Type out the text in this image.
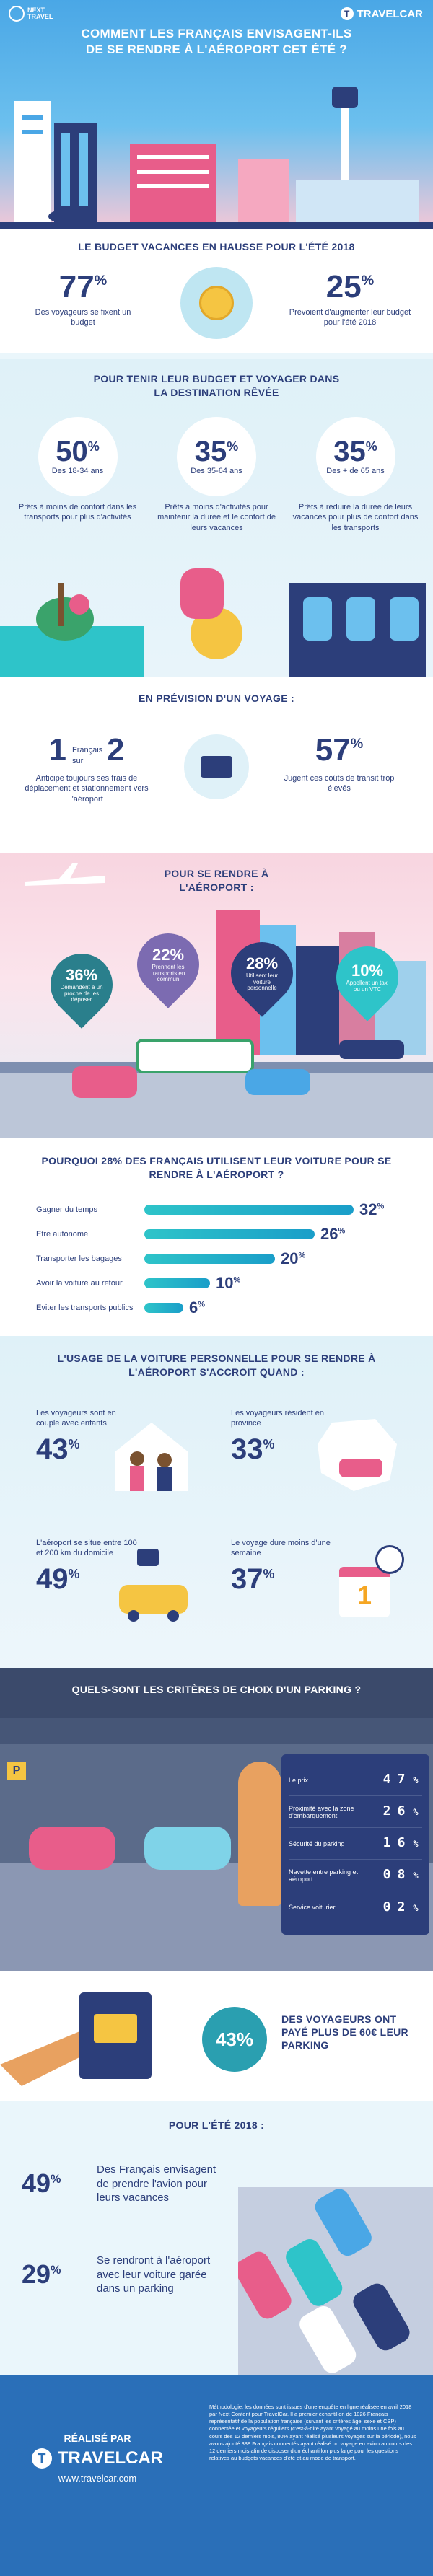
NEXT
TRAVEL	T TRAVELCAR
COMMENT LES FRANÇAIS ENVISAGENT-ILS DE SE RENDRE À L'AÉROPORT CET ÉTÉ ?
LE BUDGET VACANCES EN HAUSSE POUR L'ÉTÉ 2018
77%
Des voyageurs se fixent un budget
25%
Prévoient d'augmenter leur budget pour l'été 2018
POUR TENIR LEUR BUDGET ET VOYAGER DANS LA DESTINATION RÊVÉE
50%
Des 18-34 ans
Prêts à moins de confort dans les transports pour plus d'activités
35%
Des 35-64 ans
Prêts à moins d'activités pour maintenir la durée et le confort de leurs vacances
35%
Des + de 65 ans
Prêts à réduire la durée de leurs vacances pour plus de confort dans les transports
EN PRÉVISION D'UN VOYAGE :
1 Français sur 2
Anticipe toujours ses frais de déplacement et stationnement vers l'aéroport
57%
Jugent ces coûts de transit trop élevés
POUR SE RENDRE À L'AÉROPORT :
36%
Demandent à un proche de les déposer
22%
Prennent les transports en commun
28%
Utilisent leur voiture personnelle
10%
Appellent un taxi ou un VTC
POURQUOI 28% DES FRANÇAIS UTILISENT LEUR VOITURE POUR SE RENDRE À L'AÉROPORT ?
Gagner du temps	32%
Etre autonome	26%
Transporter les bagages	20%
Avoir la voiture au retour	10%
Eviter les transports publics	6%
L'USAGE DE LA VOITURE PERSONNELLE POUR SE RENDRE À L'AÉROPORT S'ACCROIT QUAND :
Les voyageurs sont en couple avec enfants
43%
Les voyageurs résident en province
33%
L'aéroport se situe entre 100 et 200 km du domicile
49%
Le voyage dure moins d'une semaine
37%
1
QUELS-SONT LES CRITÈRES DE CHOIX D'UN PARKING ?
P
Le prix	4 7 %
Proximité avec la zone d'embarquement	2 6 %
Sécurité du parking	1 6 %
Navette entre parking et aéroport	0 8 %
Service voiturier	0 2 %
43%
DES VOYAGEURS ONT PAYÉ PLUS DE 60€ LEUR PARKING
POUR L'ÉTÉ 2018 :
49%
Des Français envisagent de prendre l'avion pour leurs vacances
29%
Se rendront à l'aéroport avec leur voiture garée dans un parking
RÉALISÉ PAR
T TRAVELCAR
www.travelcar.com
Méthodologie: les données sont issues d'une enquête en ligne réalisée en avril 2018 par Next Content pour TravelCar. Il a premier échantillon de 1026 Français représentatif de la population française (suivant les critères âge, sexe et CSP) connectée et voyageurs réguliers (c'est-à-dire ayant voyagé au moins une fois au cours des 12 derniers mois, 80% ayant réalisé plusieurs voyages sur la période), nous avons ajouté 388 Français connectés ayant réalisé un voyage en avion au cours des 12 derniers mois afin de disposer d'un échantillon plus large pour les questions relatives au budgets vacances d'été et au mode de transport.
